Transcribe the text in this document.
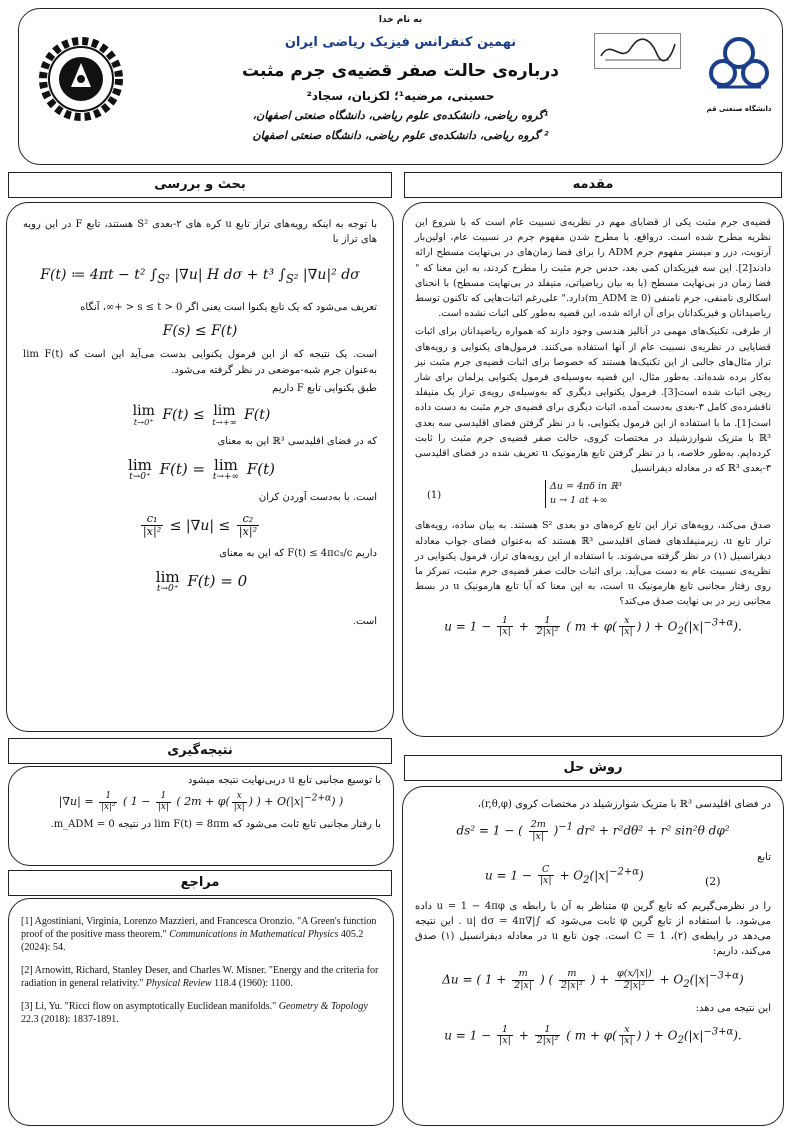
به نام خدا
نهمین کنفرانس فیزیک ریاضی ایران
درباره‌ی حالت صفر قضیه‌ی جرم مثبت
حسینی، مرضیه¹؛ لکزیان، سجاد²
¹گروه ریاضی، دانشکده‌ی علوم ریاضی، دانشگاه صنعتی اصفهان،
² گروه ریاضی، دانشکده‌ی علوم ریاضی، دانشگاه صنعتی اصفهان
دانشگاه صنعتی قم
مقدمه
بحث و بررسی

قضیه‌ی جرم مثبت یکی از قضایای مهم در نظریه‌ی نسبیت عام است که با شروع این نظریه مطرح شده است. درواقع، با مطرح شدن مفهوم جرم در نسبیت عام، اولین‌بار آرنویت، دزر و میسنر مفهوم جرم ADM را برای فضا زمان‌های در بی‌نهایت مسطح ارائه دادند[2]. این سه فیزیکدان کمی بعد، حدس جرم مثبت را مطرح کردند، به این معنا که " فضا زمان در بی‌نهایت مسطح (یا به بیان ریاضیاتی، منیفلد در بی‌نهایت مسطح) با انحنای اسکالری نامنفی، جرم نامنفی (m_ADM ≥ 0)دارد." علی‌رغم اثبات‌هایی که تاکنون توسط ریاضیدانان و فیزیکدانان برای آن ارائه شده، این قضیه به‌طور کلی اثبات نشده است.

از طرفی، تکنیک‌های مهمی در آنالیز هندسی وجود دارند که همواره ریاضیدانان برای اثبات قضایایی در نظریه‌ی نسبیت عام از آنها استفاده می‌کنند. فرمول‌های یکنوایی و رویه‌های تراز مثال‌های جالبی از این تکنیک‌ها هستند که خصوصا برای اثبات قضیه‌ی جرم مثبت نیز به‌کار برده شده‌اند. به‌طور مثال، این قضیه به‌وسیله‌ی فرمول یکنوایی پرلمان برای شار ریچی اثبات شده است[3]. فرمول یکنوایی دیگری که به‌وسیله‌ی رویه‌ی تراز یک منیفلد نافشرده‌ی کامل ۳-بعدی به‌دست آمده، اثبات دیگری برای قضیه‌ی جرم مثبت به دست داده است[1]. ما با استفاده از این فرمول یکنوایی، با در نظر گرفتن فضای اقلیدسی سه بعدی ℝ³ با متریک شوارزشیلد در مختصات کروی، حالت صفر قضیه‌ی جرم مثبت را ثابت کرده‌ایم. به‌طور خلاصه، با در نظر گرفتن تابع هارمونیک u تعریف شده در فضای اقلیدسی ۳-بعدی ℝ³ که در معادله دیفرانسیل

(1)
Δu = 4πδ in ℝ³
u → 1 at +∞

صدق می‌کند، رویه‌های تراز این تابع کره‌های دو بعدی S² هستند. به بیان ساده، رویه‌های تراز تابع u، زیرمنیفلدهای فضای اقلیدسی ℝ³ هستند که به‌عنوان فضای جواب معادله دیفرانسیل (۱) در نظر گرفته می‌شوند. با استفاده از این رویه‌های تراز، فرمول یکنوایی در نظریه‌ی نسبیت عام به دست می‌آید. برای اثبات حالت صفر قضیه‌ی جرم مثبت، تمرکز ما روی رفتار مجانبی تابع هارمونیک u است، به این معنا که آیا تابع هارمونیک u در بسط مجانبی زیر در بی نهایت صدق می‌کند؟

$u = 1 - \frac{1}{|x|} + \frac{1}{\text{2|x|²}}$ ( $m + \varphi( \frac{x}{|x|}$ ) ) + $O_2(|x|^{-3+\alpha})$.

با توجه به اینکه رویه‌های تراز تابع u کره های ۲-بعدی S² هستند، تابع F در این رویه های تراز با

F(t) ≔ 4πt − t² $\int_{S^2}$ |∇u| H dσ + t³ $\int_{S^2}$ |∇u|² dσ

تعریف می‌شود که یک تابع یکنوا است یعنی اگر 0 < s ≤ t < +∞، آنگاه

F(s) ≤ F(t)

است. یک نتیجه که از این فرمول یکنوایی بدست می‌آید این است که lim F(t) به‌عنوان جرم شبه-موضعی در نظر گرفته می‌شود.

طبق یکنوایی تابع F داریم

lim
t→0⁺ F(t) ≤ lim
t→+∞ F(t)

که در فضای اقلیدسی ℝ³ این به معنای

lim
t→0⁺ F(t) = lim
t→+∞ F(t)

است. با به‌دست آوردن کران

$\frac{\text{c₁}}{\text{|x|²}} \le |\nabla u| \le \frac{\text{c₂}}{\text{|x|²}}$

داریم F(t) ≤ 4πc₃/c که این به معنای

lim
t→0⁺ F(t) = 0

است.

نتیجه‌گیری

با توسیع مجانبی تابع u دربی‌نهایت نتیجه میشود

$|\nabla u| = \frac{1}{\text{|x|²}}$ ( $1 - \frac{1}{|x|}$ ( $2m + \varphi( \frac{x}{|x|}$ ) ) + $O(|x|^{-2+\alpha})$ )

با رفتار مجانبی تابع ثابت می‌شود که lim F(t) = 8πm در نتیجه 0 = m_ADM.

مراجع

[1] Agostiniani, Virginia, Lorenzo Mazzieri, and Francesca Oronzio. "A Green's function proof of the positive mass theorem." Communications in Mathematical Physics 405.2 (2024): 54.

[2] Arnowitt, Richard, Stanley Deser, and Charles W. Misner. "Energy and the criteria for radiation in general relativity." Physical Review 118.4 (1960): 1100.

[3] Li, Yu. "Ricci flow on asymptotically Euclidean manifolds." Geometry & Topology 22.3 (2018): 1837-1891.

روش حل

در فضای اقلیدسی ℝ³ با متریک شوارزشیلد در مختصات کروی (r,θ,φ)،

ds² = 1 − ( $\frac{2m}{|x|} )^{-1}$ dr² + r²dθ² + r² sin²θ dφ²

تابع

$u = 1 - \frac{C}{|x|} + O_2(|x|^{-2+\alpha})$	(2)

را در نظرمی‌گیریم که تابع گرین φ متناظر به آن با رابطه ی u = 1 − 4πφ داده می‌شود. با استفاده از تابع گرین φ ثابت می‌شود که ∫|∇u| dσ = 4π . این نتیجه می‌دهد در رابطه‌ی (۲)، C = 1 است. چون تابع u در معادله دیفرانسیل (۱) صدق می‌کند، داریم:

Δu = ( $1 + \frac{m}{2|x|}$ ) ( $\frac{m}{\text{2|x|²}}$ ) + $\frac{\varphi(x/|x|)}{\text{2|x|²}} + O_2(|x|^{-3+\alpha})$

این نتیجه می دهد:

$u = 1 - \frac{1}{|x|} + \frac{1}{\text{2|x|²}}$ ( $m + \varphi( \frac{x}{|x|}$ ) ) + $O_2(|x|^{-3+\alpha})$.
